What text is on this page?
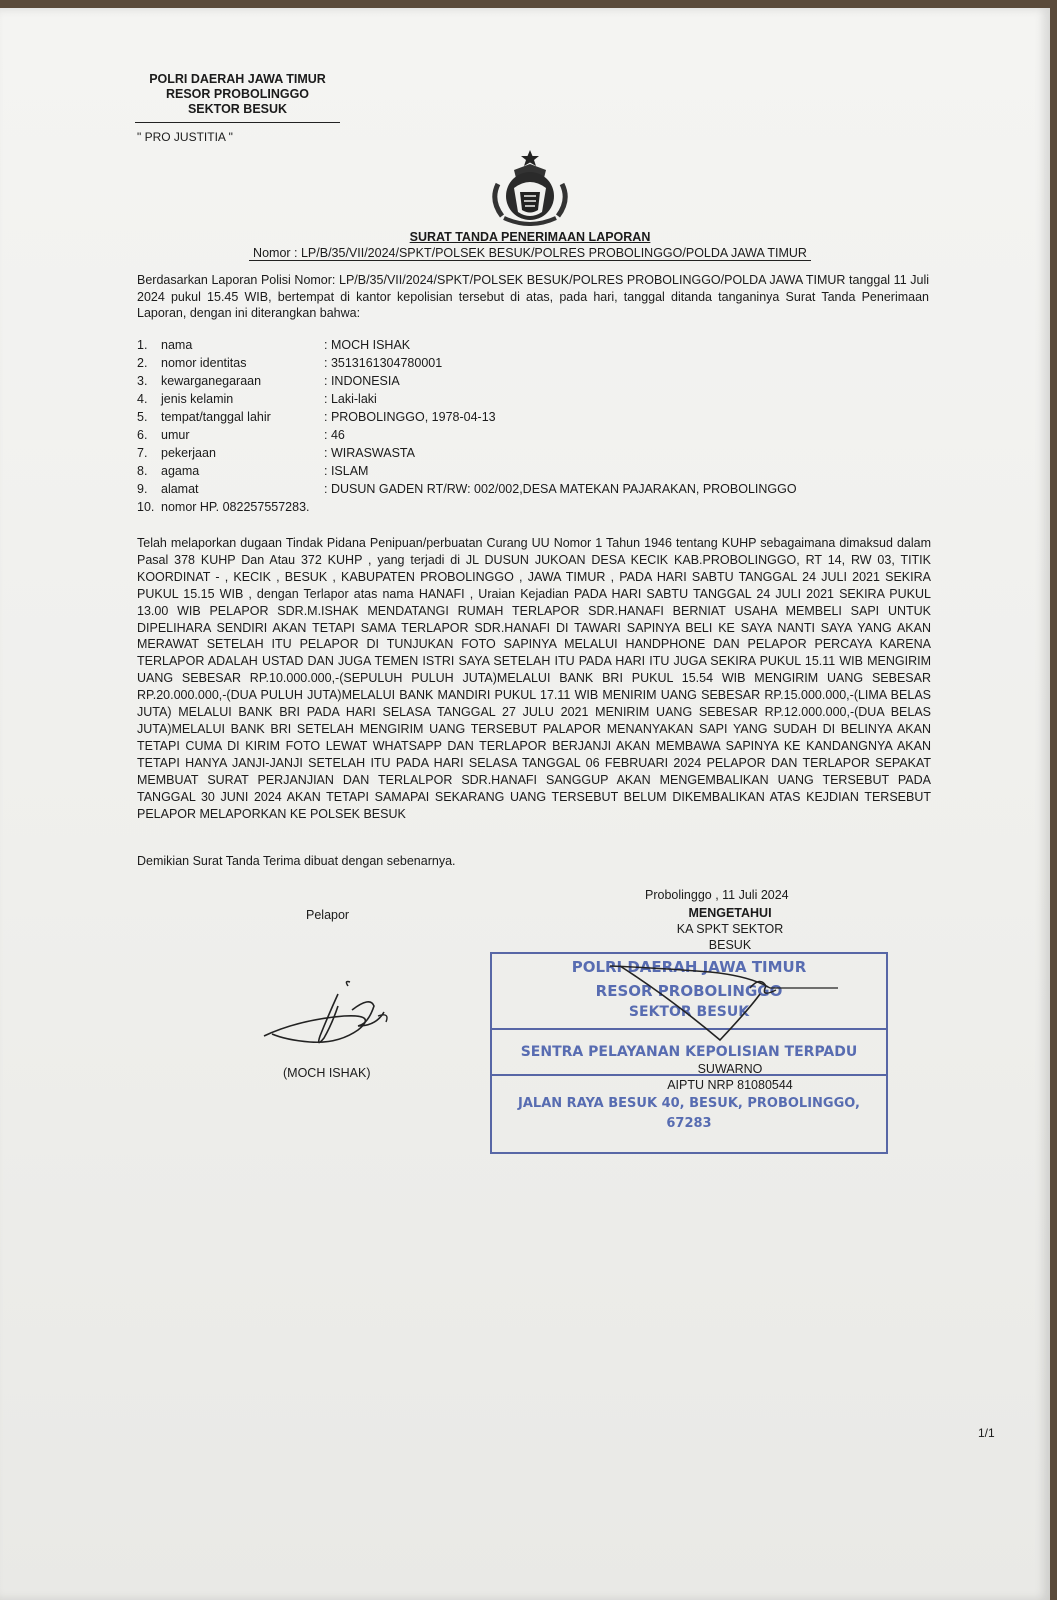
POLRI DAERAH JAWA TIMUR
RESOR PROBOLINGGO
SEKTOR BESUK
" PRO JUSTITIA "
SURAT TANDA PENERIMAAN LAPORAN
Nomor : LP/B/35/VII/2024/SPKT/POLSEK BESUK/POLRES PROBOLINGGO/POLDA JAWA TIMUR
Berdasarkan Laporan Polisi Nomor: LP/B/35/VII/2024/SPKT/POLSEK BESUK/POLRES PROBOLINGGO/POLDA JAWA TIMUR tanggal 11 Juli 2024 pukul 15.45 WIB, bertempat di kantor kepolisian tersebut di atas, pada hari, tanggal ditanda tanganinya Surat Tanda Penerimaan Laporan, dengan ini diterangkan bahwa:
1.	nama	: MOCH ISHAK
2.	nomor identitas	: 3513161304780001
3.	kewarganegaraan	: INDONESIA
4.	jenis kelamin	: Laki-laki
5.	tempat/tanggal lahir	: PROBOLINGGO, 1978-04-13
6.	umur	: 46
7.	pekerjaan	: WIRASWASTA
8.	agama	: ISLAM
9.	alamat	: DUSUN GADEN RT/RW: 002/002,DESA MATEKAN PAJARAKAN, PROBOLINGGO
10. nomor HP. 082257557283.
Telah melaporkan dugaan Tindak Pidana Penipuan/perbuatan Curang UU Nomor 1 Tahun 1946 tentang KUHP sebagaimana dimaksud dalam Pasal 378 KUHP Dan Atau 372 KUHP , yang terjadi di JL DUSUN JUKOAN DESA KECIK KAB.PROBOLINGGO, RT 14, RW 03, TITIK KOORDINAT - , KECIK , BESUK , KABUPATEN PROBOLINGGO , JAWA TIMUR , PADA HARI SABTU TANGGAL 24 JULI 2021 SEKIRA PUKUL 15.15 WIB , dengan Terlapor atas nama HANAFI , Uraian Kejadian PADA HARI SABTU TANGGAL 24 JULI 2021 SEKIRA PUKUL 13.00 WIB PELAPOR SDR.M.ISHAK MENDATANGI RUMAH TERLAPOR SDR.HANAFI BERNIAT USAHA MEMBELI SAPI UNTUK DIPELIHARA SENDIRI AKAN TETAPI SAMA TERLAPOR SDR.HANAFI DI TAWARI SAPINYA BELI KE SAYA NANTI SAYA YANG AKAN MERAWAT SETELAH ITU PELAPOR DI TUNJUKAN FOTO SAPINYA MELALUI HANDPHONE DAN PELAPOR PERCAYA KARENA TERLAPOR ADALAH USTAD DAN JUGA TEMEN ISTRI SAYA SETELAH ITU PADA HARI ITU JUGA SEKIRA PUKUL 15.11 WIB MENGIRIM UANG SEBESAR RP.10.000.000,-(SEPULUH PULUH JUTA)MELALUI BANK BRI PUKUL 15.54 WIB MENGIRIM UANG SEBESAR RP.20.000.000,-(DUA PULUH JUTA)MELALUI BANK MANDIRI PUKUL 17.11 WIB MENIRIM UANG SEBESAR RP.15.000.000,-(LIMA BELAS JUTA) MELALUI BANK BRI PADA HARI SELASA TANGGAL 27 JULU 2021 MENIRIM UANG SEBESAR RP.12.000.000,-(DUA BELAS JUTA)MELALUI BANK BRI SETELAH MENGIRIM UANG TERSEBUT PALAPOR MENANYAKAN SAPI YANG SUDAH DI BELINYA AKAN TETAPI CUMA DI KIRIM FOTO LEWAT WHATSAPP DAN TERLAPOR BERJANJI AKAN MEMBAWA SAPINYA KE KANDANGNYA AKAN TETAPI HANYA JANJI-JANJI SETELAH ITU PADA HARI SELASA TANGGAL 06 FEBRUARI 2024 PELAPOR DAN TERLAPOR SEPAKAT MEMBUAT SURAT PERJANJIAN DAN TERLALPOR SDR.HANAFI SANGGUP AKAN MENGEMBALIKAN UANG TERSEBUT PADA TANGGAL 30 JUNI 2024 AKAN TETAPI SAMAPAI SEKARANG UANG TERSEBUT BELUM DIKEMBALIKAN ATAS KEJDIAN TERSEBUT PELAPOR MELAPORKAN KE POLSEK BESUK
Demikian Surat Tanda Terima dibuat dengan sebenarnya.
Probolinggo , 11 Juli 2024
Pelapor	MENGETAHUI
KA SPKT SEKTOR
BESUK
(MOCH ISHAK)
POLRI DAERAH JAWA TIMUR
RESOR PROBOLINGGO
SEKTOR BESUK
SENTRA PELAYANAN KEPOLISIAN TERPADU
JALAN RAYA BESUK 40, BESUK, PROBOLINGGO,
67283
SUWARNO
AIPTU NRP 81080544
1/1
